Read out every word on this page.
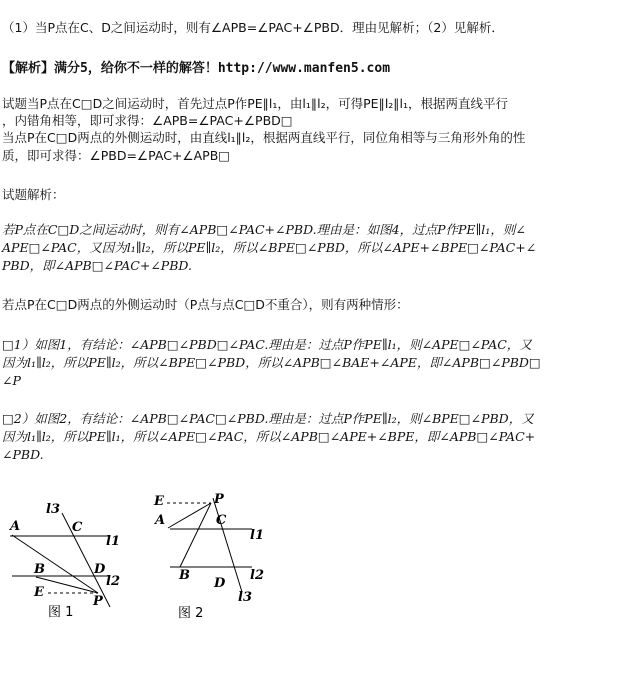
（1）当P点在C、D之间运动时，则有∠APB=∠PAC+∠PBD．理由见解析；（2）见解析．
【解析】满分5，给你不一样的解答！http://www.manfen5.com
试题当P点在C□D之间运动时，首先过点P作PE∥l₁，由l₁∥l₂，可得PE∥l₂∥l₁，根据两直线平行
，内错角相等，即可求得：∠APB=∠PAC+∠PBD□
当点P在C□D两点的外侧运动时，由直线l₁∥l₂，根据两直线平行，同位角相等与三角形外角的性
质，即可求得：∠PBD=∠PAC+∠APB□
试题解析：
若P点在C□D之间运动时，则有∠APB□∠PAC+∠PBD.理由是：如图4，过点P作PE∥l₁，则∠
APE□∠PAC，又因为l₁∥l₂，所以PE∥l₂，所以∠BPE□∠PBD，所以∠APE+∠BPE□∠PAC+∠
PBD，即∠APB□∠PAC+∠PBD.
若点P在C□D两点的外侧运动时（P点与点C□D不重合），则有两种情形：
□1）如图1，有结论：∠APB□∠PBD□∠PAC.理由是：过点P作PE∥l₁，则∠APE□∠PAC，又
因为l₁∥l₂，所以PE∥l₂，所以∠BPE□∠PBD，所以∠APB□∠BAE+∠APE，即∠APB□∠PBD□
∠P
□2）如图2，有结论：∠APB□∠PAC□∠PBD.理由是：过点P作PE∥l₂，则∠BPE□∠PBD，又
因为l₁∥l₂，所以PE∥l₁，所以∠APE□∠PAC，所以∠APB□∠APE+∠BPE，即∠APB□∠PAC+
∠PBD.
l3
A	C
l1
B	D
l2
E
P
图 1
E	P
A	C
l1
B	l2
D
l3
图 2
